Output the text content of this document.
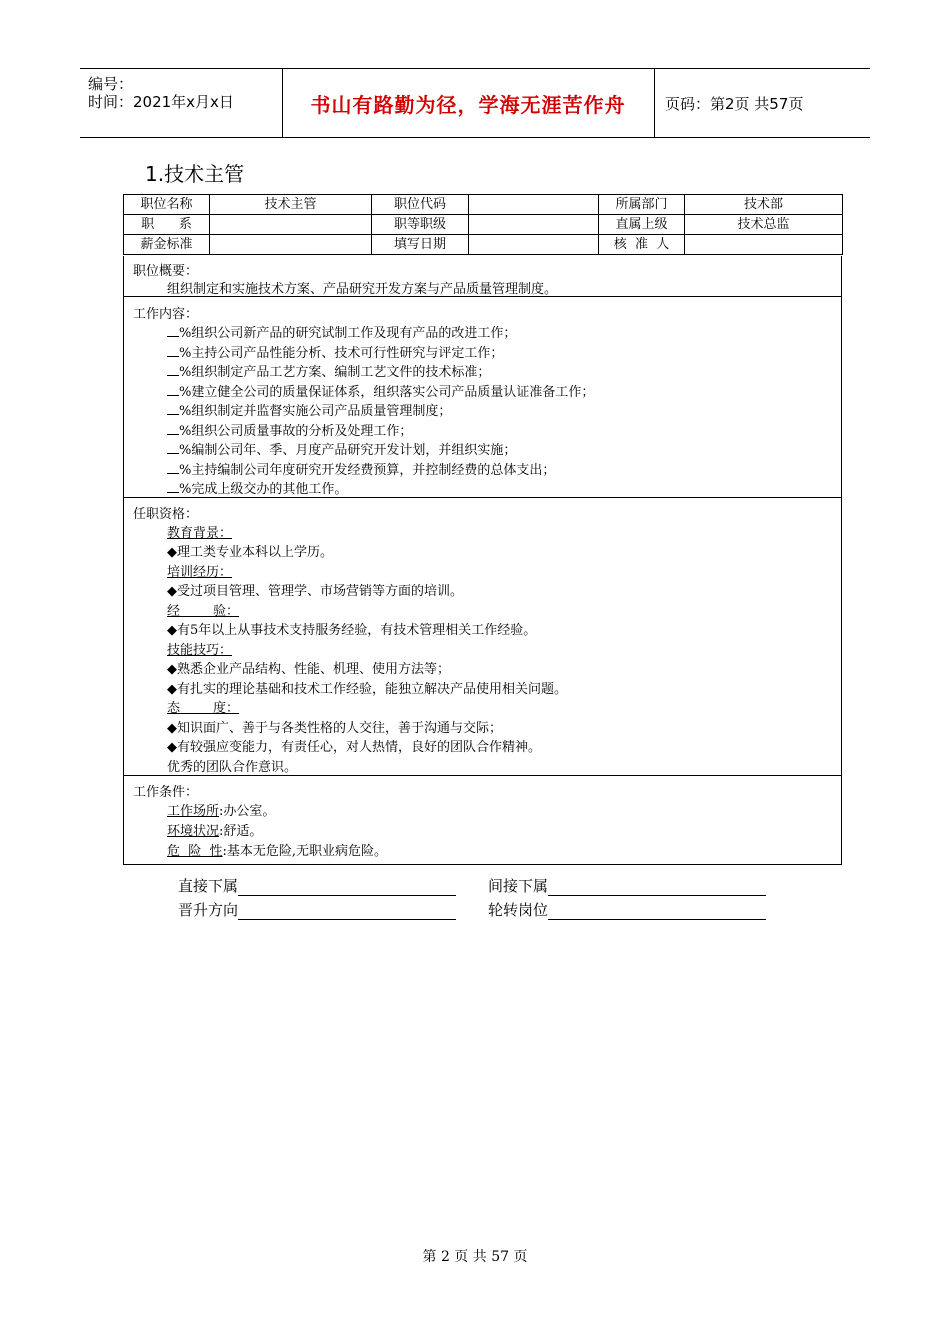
编号：
时间：2021年x月x日	书山有路勤为径，学海无涯苦作舟	页码：第2页 共57页
1.技术主管
职位名称	技术主管	职位代码		所属部门	技术部
职      系		职等职级		直属上级	技术总监
薪金标准		填写日期		核  准  人	
职位概要：
组织制定和实施技术方案、产品研究开发方案与产品质量管理制度。
工作内容：
%组织公司新产品的研究试制工作及现有产品的改进工作；
%主持公司产品性能分析、技术可行性研究与评定工作；
%组织制定产品工艺方案、编制工艺文件的技术标准；
%建立健全公司的质量保证体系，组织落实公司产品质量认证准备工作；
%组织制定并监督实施公司产品质量管理制度；
%组织公司质量事故的分析及处理工作；
%编制公司年、季、月度产品研究开发计划，并组织实施；
%主持编制公司年度研究开发经费预算，并控制经费的总体支出；
%完成上级交办的其他工作。
任职资格：
教育背景：
◆理工类专业本科以上学历。
培训经历：
◆受过项目管理、管理学、市场营销等方面的培训。
经        验：
◆有5年以上从事技术支持服务经验，有技术管理相关工作经验。
技能技巧：
◆熟悉企业产品结构、性能、机理、使用方法等；
◆有扎实的理论基础和技术工作经验，能独立解决产品使用相关问题。
态        度：
◆知识面广、善于与各类性格的人交往，善于沟通与交际；
◆有较强应变能力，有责任心，对人热情，良好的团队合作精神。
优秀的团队合作意识。
工作条件：
工作场所:办公室。
环境状况:舒适。
危  险  性:基本无危险,无职业病危险。
直接下属	间接下属
晋升方向	轮转岗位
第 2 页 共 57 页
